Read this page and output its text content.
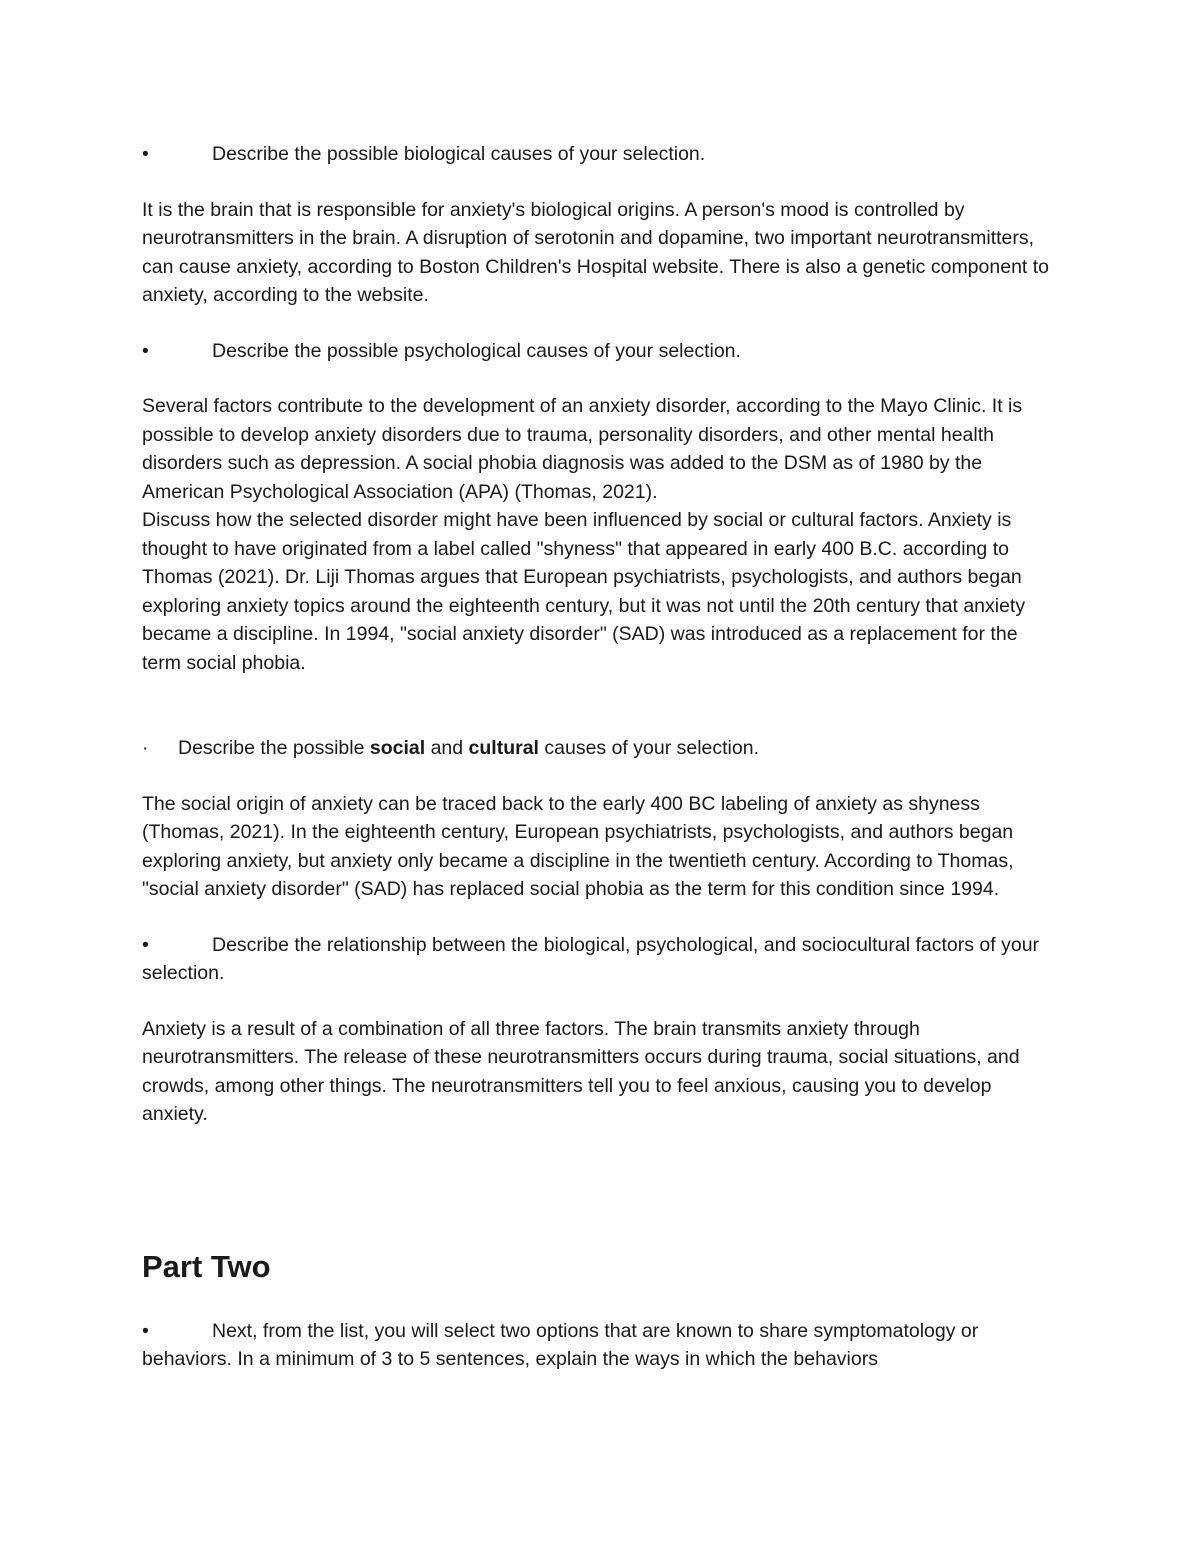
•	Describe the possible biological causes of your selection.

It is the brain that is responsible for anxiety's biological origins. A person's mood is controlled by neurotransmitters in the brain. A disruption of serotonin and dopamine, two important neurotransmitters, can cause anxiety, according to Boston Children's Hospital website. There is also a genetic component to anxiety, according to the website.

•	Describe the possible psychological causes of your selection.

Several factors contribute to the development of an anxiety disorder, according to the Mayo Clinic. It is possible to develop anxiety disorders due to trauma, personality disorders, and other mental health disorders such as depression. A social phobia diagnosis was added to the DSM as of 1980 by the American Psychological Association (APA) (Thomas, 2021).

Discuss how the selected disorder might have been influenced by social or cultural factors. Anxiety is thought to have originated from a label called "shyness" that appeared in early 400 B.C. according to Thomas (2021). Dr. Liji Thomas argues that European psychiatrists, psychologists, and authors began exploring anxiety topics around the eighteenth century, but it was not until the 20th century that anxiety became a discipline. In 1994, "social anxiety disorder" (SAD) was introduced as a replacement for the term social phobia.

· Describe the possible social and cultural causes of your selection.

The social origin of anxiety can be traced back to the early 400 BC labeling of anxiety as shyness (Thomas, 2021). In the eighteenth century, European psychiatrists, psychologists, and authors began exploring anxiety, but anxiety only became a discipline in the twentieth century. According to Thomas, "social anxiety disorder" (SAD) has replaced social phobia as the term for this condition since 1994.

•	Describe the relationship between the biological, psychological, and sociocultural factors of your selection.

Anxiety is a result of a combination of all three factors. The brain transmits anxiety through neurotransmitters. The release of these neurotransmitters occurs during trauma, social situations, and crowds, among other things. The neurotransmitters tell you to feel anxious, causing you to develop anxiety.

Part Two
•	Next, from the list, you will select two options that are known to share symptomatology or behaviors. In a minimum of 3 to 5 sentences, explain the ways in which the behaviors
